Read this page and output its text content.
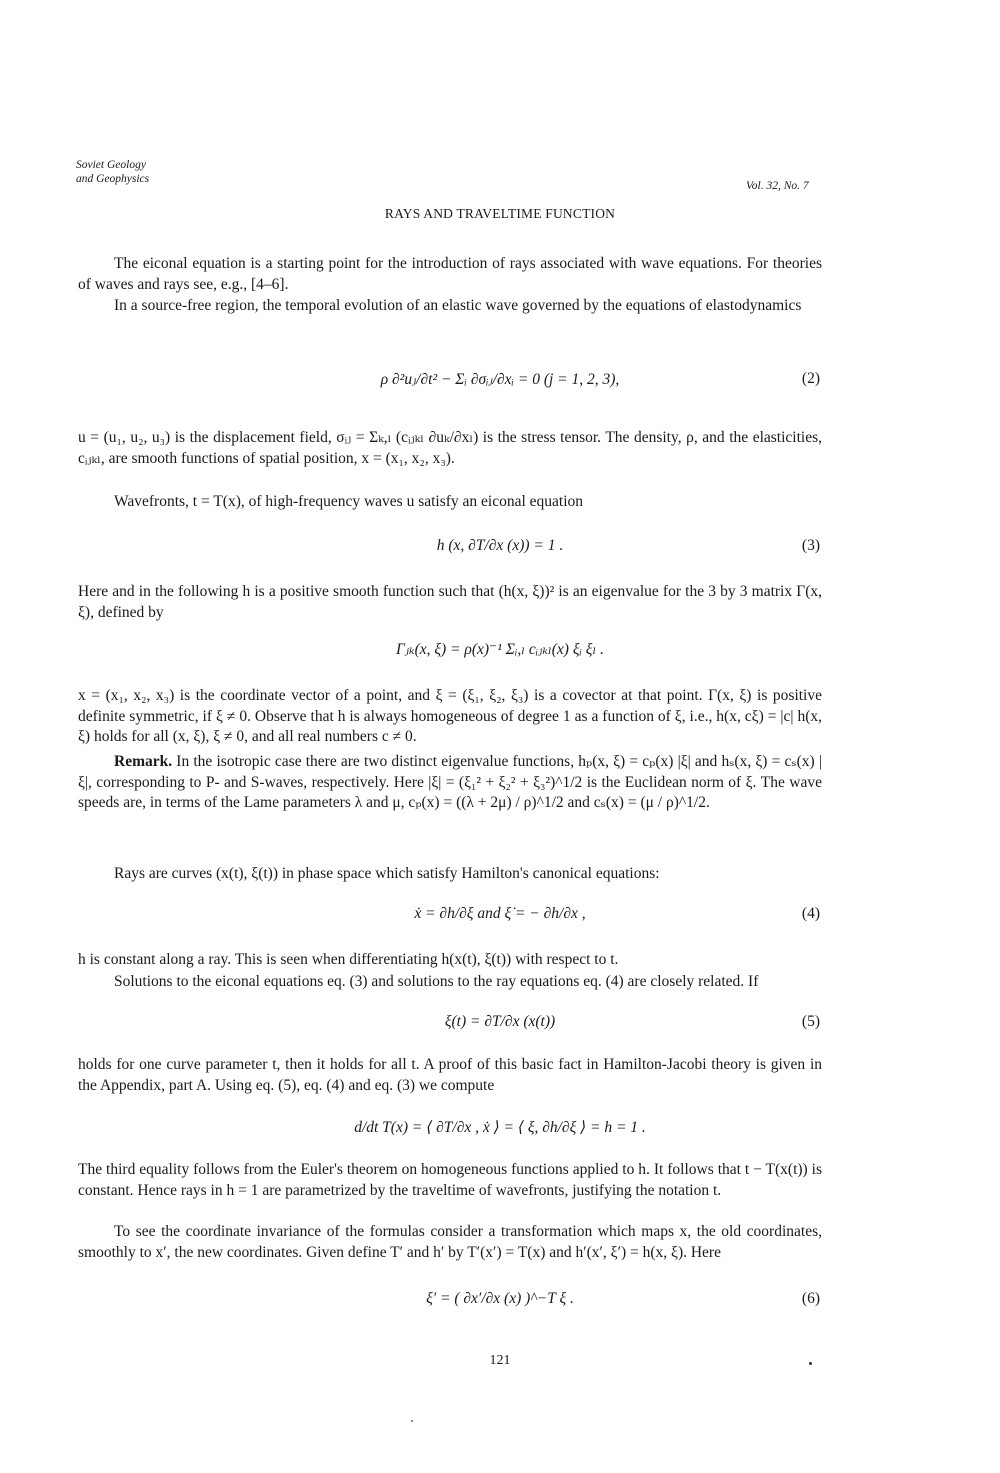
Soviet Geology
and Geophysics
Vol. 32, No. 7
RAYS AND TRAVELTIME FUNCTION
The eiconal equation is a starting point for the introduction of rays associated with wave equations. For theories of waves and rays see, e.g., [4–6].
In a source-free region, the temporal evolution of an elastic wave governed by the equations of elastodynamics
ρ ∂²uⱼ/∂t² − Σᵢ ∂σᵢⱼ/∂xᵢ = 0 (j = 1, 2, 3),	(2)
u = (u₁, u₂, u₃) is the displacement field, σᵢⱼ = Σₖ,ₗ (cᵢⱼₖₗ ∂uₖ/∂xₗ) is the stress tensor. The density, ρ, and the elasticities, cᵢⱼₖₗ, are smooth functions of spatial position, x = (x₁, x₂, x₃).
Wavefronts, t = T(x), of high-frequency waves u satisfy an eiconal equation
h (x, ∂T/∂x (x)) = 1 .	(3)
Here and in the following h is a positive smooth function such that (h(x, ξ))² is an eigenvalue for the 3 by 3 matrix Γ(x, ξ), defined by
Γⱼₖ(x, ξ) = ρ(x)⁻¹ Σᵢ,ₗ cᵢⱼₖₗ(x) ξᵢ ξₗ .
x = (x₁, x₂, x₃) is the coordinate vector of a point, and ξ = (ξ₁, ξ₂, ξ₃) is a covector at that point. Γ(x, ξ) is positive definite symmetric, if ξ ≠ 0. Observe that h is always homogeneous of degree 1 as a function of ξ, i.e., h(x, cξ) = |c| h(x, ξ) holds for all (x, ξ), ξ ≠ 0, and all real numbers c ≠ 0.
Remark. In the isotropic case there are two distinct eigenvalue functions, hₚ(x, ξ) = cₚ(x) |ξ| and hₛ(x, ξ) = cₛ(x) |ξ|, corresponding to P- and S-waves, respectively. Here |ξ| = (ξ₁² + ξ₂² + ξ₃²)^1/2 is the Euclidean norm of ξ. The wave speeds are, in terms of the Lame parameters λ and μ, cₚ(x) = ((λ + 2μ) / ρ)^1/2 and cₛ(x) = (μ / ρ)^1/2.
Rays are curves (x(t), ξ(t)) in phase space which satisfy Hamilton's canonical equations:
ẋ = ∂h/∂ξ and ξ̇ = − ∂h/∂x ,	(4)
h is constant along a ray. This is seen when differentiating h(x(t), ξ(t)) with respect to t.
Solutions to the eiconal equations eq. (3) and solutions to the ray equations eq. (4) are closely related. If
ξ(t) = ∂T/∂x (x(t))	(5)
holds for one curve parameter t, then it holds for all t. A proof of this basic fact in Hamilton-Jacobi theory is given in the Appendix, part A. Using eq. (5), eq. (4) and eq. (3) we compute
d/dt T(x) = ⟨ ∂T/∂x , ẋ ⟩ = ⟨ ξ, ∂h/∂ξ ⟩ = h = 1 .
The third equality follows from the Euler's theorem on homogeneous functions applied to h. It follows that t − T(x(t)) is constant. Hence rays in h = 1 are parametrized by the traveltime of wavefronts, justifying the notation t.
To see the coordinate invariance of the formulas consider a transformation which maps x, the old coordinates, smoothly to x′, the new coordinates. Given define T′ and h′ by T′(x′) = T(x) and h′(x′, ξ′) = h(x, ξ). Here
ξ′ = ( ∂x′/∂x (x) )^−T ξ .	(6)
121
